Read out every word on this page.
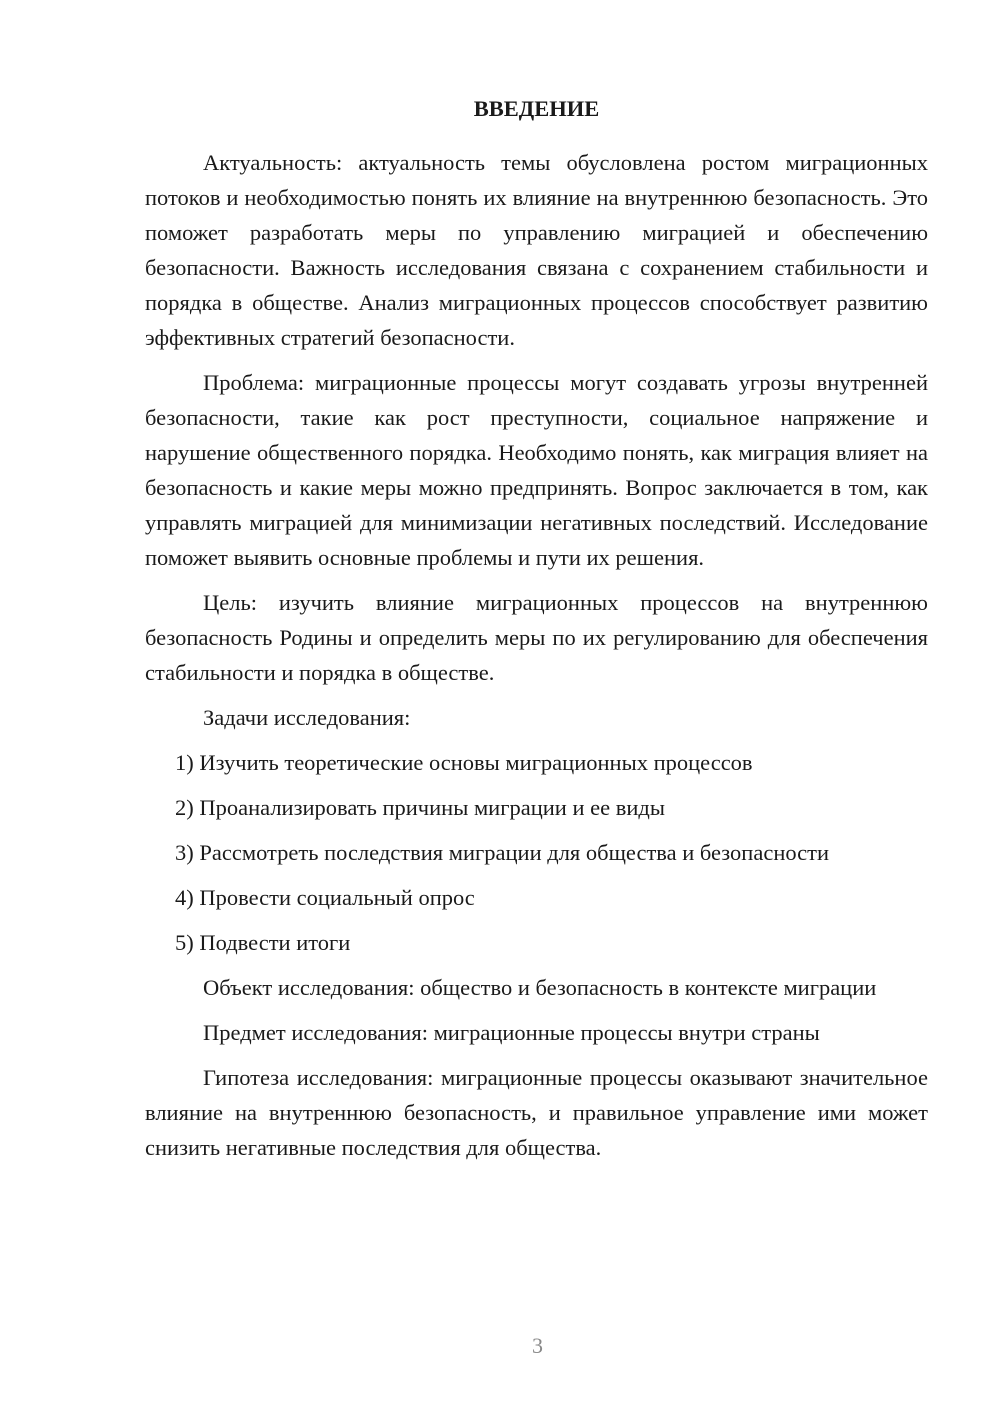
ВВЕДЕНИЕ

Актуальность: актуальность темы обусловлена ростом миграционных потоков и необходимостью понять их влияние на внутреннюю безопасность. Это поможет разработать меры по управлению миграцией и обеспечению безопасности. Важность исследования связана с сохранением стабильности и порядка в обществе. Анализ миграционных процессов способствует развитию эффективных стратегий безопасности.

Проблема: миграционные процессы могут создавать угрозы внутренней безопасности, такие как рост преступности, социальное напряжение и нарушение общественного порядка. Необходимо понять, как миграция влияет на безопасность и какие меры можно предпринять. Вопрос заключается в том, как управлять миграцией для минимизации негативных последствий. Исследование поможет выявить основные проблемы и пути их решения.

Цель: изучить влияние миграционных процессов на внутреннюю безопасность Родины и определить меры по их регулированию для обеспечения стабильности и порядка в обществе.

Задачи исследования:

1) Изучить теоретические основы миграционных процессов
2) Проанализировать причины миграции и ее виды
3) Рассмотреть последствия миграции для общества и безопасности
4) Провести социальный опрос
5) Подвести итоги

Объект исследования: общество и безопасность в контексте миграции

Предмет исследования: миграционные процессы внутри страны

Гипотеза исследования: миграционные процессы оказывают значительное влияние на внутреннюю безопасность, и правильное управление ими может снизить негативные последствия для общества.

3
